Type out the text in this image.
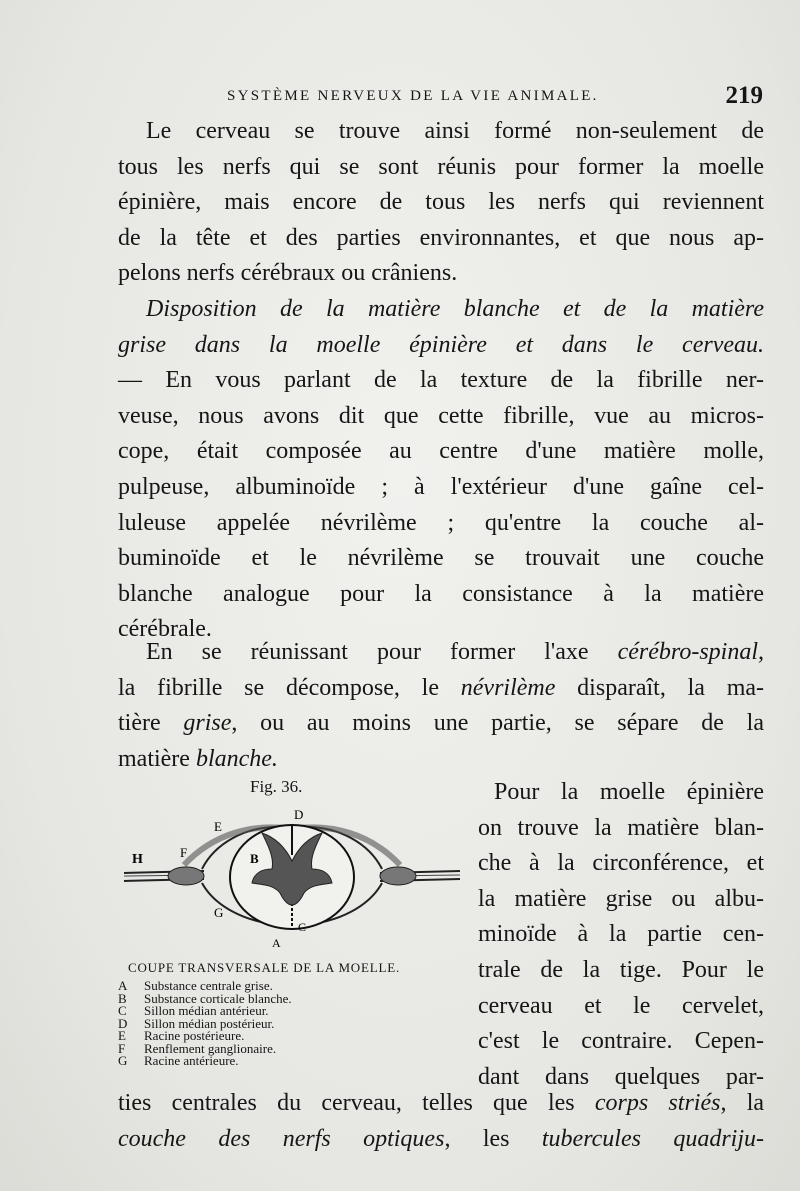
SYSTÈME NERVEUX DE LA VIE ANIMALE.	219
Le cerveau se trouve ainsi formé non-seulement de
tous les nerfs qui se sont réunis pour former la moelle
épinière, mais encore de tous les nerfs qui reviennent
de la tête et des parties environnantes, et que nous ap-
pelons nerfs cérébraux ou crâniens.
Disposition de la matière blanche et de la matière
grise dans la moelle épinière et dans le cerveau.
— En vous parlant de la texture de la fibrille ner-
veuse, nous avons dit que cette fibrille, vue au micros-
cope, était composée au centre d'une matière molle,
pulpeuse, albuminoïde ; à l'extérieur d'une gaîne cel-
luleuse appelée névrilème ; qu'entre la couche al-
buminoïde et le névrilème se trouvait une couche
blanche analogue pour la consistance à la matière
cérébrale.
En se réunissant pour former l'axe cérébro-spinal,
la fibrille se décompose, le névrilème disparaît, la ma-
tière grise, ou au moins une partie, se sépare de la
matière blanche.
Fig. 36.
H	F
E
D
B
G
C
A
COUPE TRANSVERSALE DE LA MOELLE.
A Substance centrale grise.
B Substance corticale blanche.
C Sillon médian antérieur.
D Sillon médian postérieur.
E Racine postérieure.
F Renflement ganglionaire.
G Racine antérieure.
Pour la moelle épinière
on trouve la matière blan-
che à la circonférence, et
la matière grise ou albu-
minoïde à la partie cen-
trale de la tige. Pour le
cerveau et le cervelet,
c'est le contraire. Cepen-
dant dans quelques par-
ties centrales du cerveau, telles que les corps striés, la
couche des nerfs optiques, les tubercules quadriju-
